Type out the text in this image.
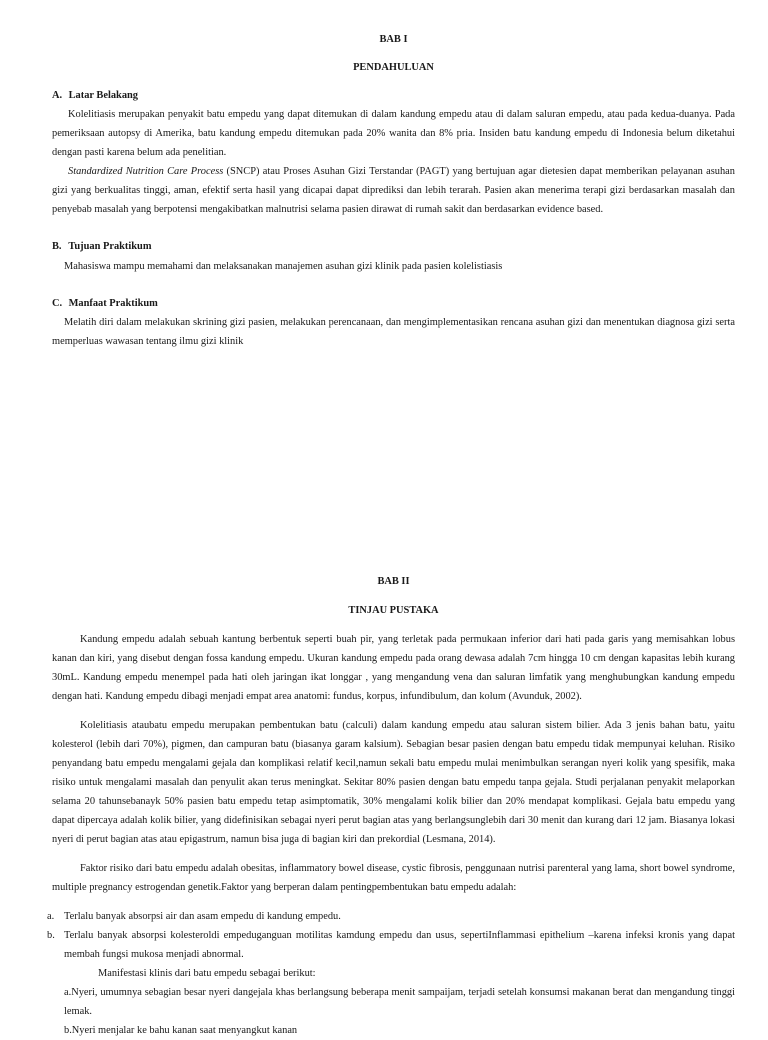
BAB I
PENDAHULUAN
A. Latar Belakang

Kolelitiasis merupakan penyakit batu empedu yang dapat ditemukan di dalam kandung empedu atau di dalam saluran empedu, atau pada kedua-duanya. Pada pemeriksaan autopsy di Amerika, batu kandung empedu ditemukan pada 20% wanita dan 8% pria. Insiden batu kandung empedu di Indonesia belum diketahui dengan pasti karena belum ada penelitian.

Standardized Nutrition Care Process (SNCP) atau Proses Asuhan Gizi Terstandar (PAGT) yang bertujuan agar dietesien dapat memberikan pelayanan asuhan gizi yang berkualitas tinggi, aman, efektif serta hasil yang dicapai dapat diprediksi dan lebih terarah. Pasien akan menerima terapi gizi berdasarkan masalah dan penyebab masalah yang berpotensi mengakibatkan malnutrisi selama pasien dirawat di rumah sakit dan berdasarkan evidence based.

B. Tujuan Praktikum

Mahasiswa mampu memahami dan melaksanakan manajemen asuhan gizi klinik pada pasien kolelistiasis

C. Manfaat Praktikum

Melatih diri dalam melakukan skrining gizi pasien, melakukan perencanaan, dan mengimplementasikan rencana asuhan gizi dan menentukan diagnosa gizi serta memperluas wawasan tentang ilmu gizi klinik

BAB II
TINJAU PUSTAKA

Kandung empedu adalah sebuah kantung berbentuk seperti buah pir, yang terletak pada permukaan inferior dari hati pada garis yang memisahkan lobus kanan dan kiri, yang disebut dengan fossa kandung empedu. Ukuran kandung empedu pada orang dewasa adalah 7cm hingga 10 cm dengan kapasitas lebih kurang 30mL. Kandung empedu menempel pada hati oleh jaringan ikat longgar , yang mengandung vena dan saluran limfatik yang menghubungkan kandung empedu dengan hati. Kandung empedu dibagi menjadi empat area anatomi: fundus, korpus, infundibulum, dan kolum (Avunduk, 2002).

Kolelitiasis ataubatu empedu merupakan pembentukan batu (calculi) dalam kandung empedu atau saluran sistem bilier. Ada 3 jenis bahan batu, yaitu kolesterol (lebih dari 70%), pigmen, dan campuran batu (biasanya garam kalsium). Sebagian besar pasien dengan batu empedu tidak mempunyai keluhan. Risiko penyandang batu empedu mengalami gejala dan komplikasi relatif kecil,namun sekali batu empedu mulai menimbulkan serangan nyeri kolik yang spesifik, maka risiko untuk mengalami masalah dan penyulit akan terus meningkat. Sekitar 80% pasien dengan batu empedu tanpa gejala. Studi perjalanan penyakit melaporkan selama 20 tahunsebanayk 50% pasien batu empedu tetap asimptomatik, 30% mengalami kolik bilier dan 20% mendapat komplikasi. Gejala batu empedu yang dapat dipercaya adalah kolik bilier, yang didefinisikan sebagai nyeri perut bagian atas yang berlangsunglebih dari 30 menit dan kurang dari 12 jam. Biasanya lokasi nyeri di perut bagian atas atau epigastrum, namun bisa juga di bagian kiri dan prekordial (Lesmana, 2014).

Faktor risiko dari batu empedu adalah obesitas, inflammatory bowel disease, cystic fibrosis, penggunaan nutrisi parenteral yang lama, short bowel syndrome, multiple pregnancy estrogendan genetik.Faktor yang berperan dalam pentingpembentukan batu empedu adalah:

a. Terlalu banyak absorpsi air dan asam empedu di kandung empedu.
b. Terlalu banyak absorpsi kolesteroldi empeduganguan motilitas kamdung empedu dan usus, sepertiInflammasi epithelium –karena infeksi kronis yang dapat membah fungsi mukosa menjadi abnormal.

Manifestasi klinis dari batu empedu sebagai berikut:

a.Nyeri, umumnya sebagian besar nyeri dangejala khas berlangsung beberapa menit sampaijam, terjadi setelah konsumsi makanan berat dan mengandung tinggi lemak.

b.Nyeri menjalar ke bahu kanan saat menyangkut kanan
